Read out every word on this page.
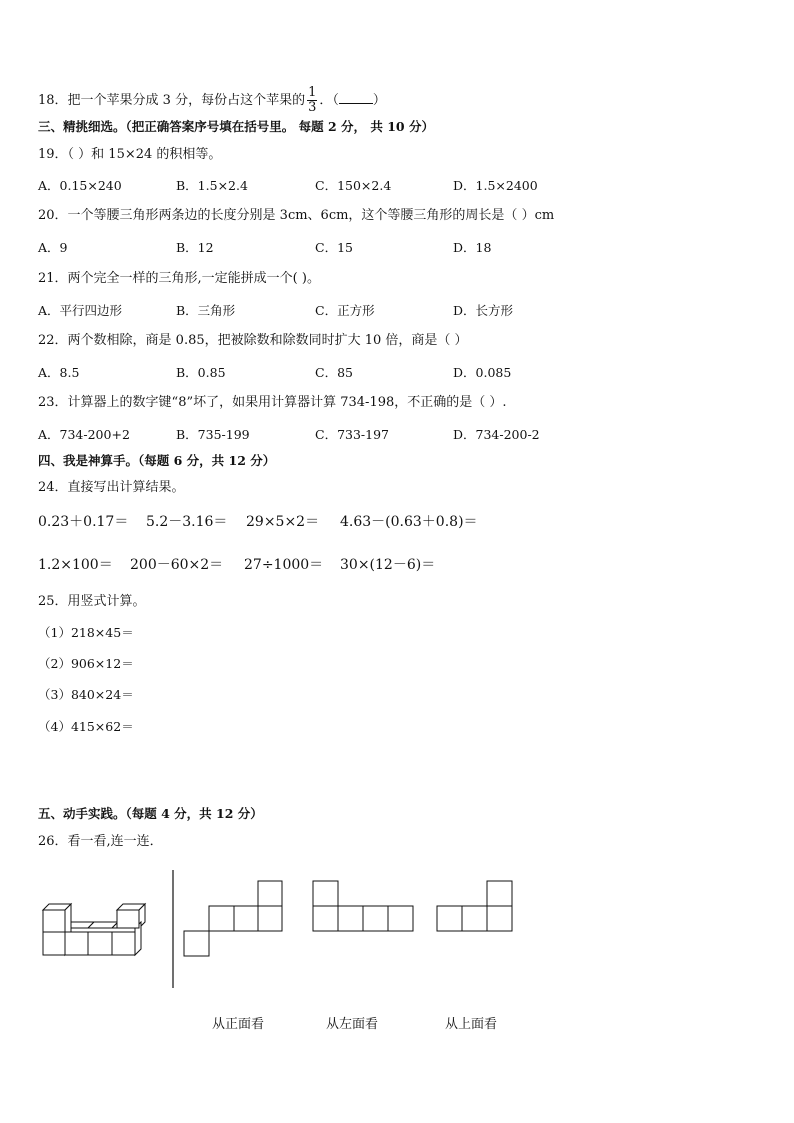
18．把一个苹果分成 3 分，每份占这个苹果的 $\frac{1}{3}$ ．（	）
三、精挑细选。（把正确答案序号填在括号里。 每题 2 分， 共 10 分）
19．（ ）和 15×24 的积相等。
A．0.15×240	B．1.5×2.4	C．150×2.4	D．1.5×2400
20．一个等腰三角形两条边的长度分别是 3cm、6cm，这个等腰三角形的周长是（ ）cm
A．9	B．12	C．15	D．18
21．两个完全一样的三角形,一定能拼成一个( )。
A．平行四边形	B．三角形	C．正方形	D．长方形
22．两个数相除，商是 0.85，把被除数和除数同时扩大 10 倍，商是（ ）
A．8.5	B．0.85	C．85	D．0.085
23．计算器上的数字键“8”坏了，如果用计算器计算 734-198，不正确的是（ ）.
A．734-200+2	B．735-199	C．733-197	D．734-200-2
四、我是神算手。（每题 6 分，共 12 分）
24．直接写出计算结果。
0.23＋0.17＝ 5.2－3.16＝ 29×5×2＝ 4.63－(0.63＋0.8)＝
1.2×100＝ 200－60×2＝ 27÷1000＝ 30×(12－6)＝
25．用竖式计算。
（1）218×45＝
（2）906×12＝
（3）840×24＝
（4）415×62＝
五、动手实践。（每题 4 分，共 12 分）
26．看一看,连一连．
从正面看	从左面看	从上面看
